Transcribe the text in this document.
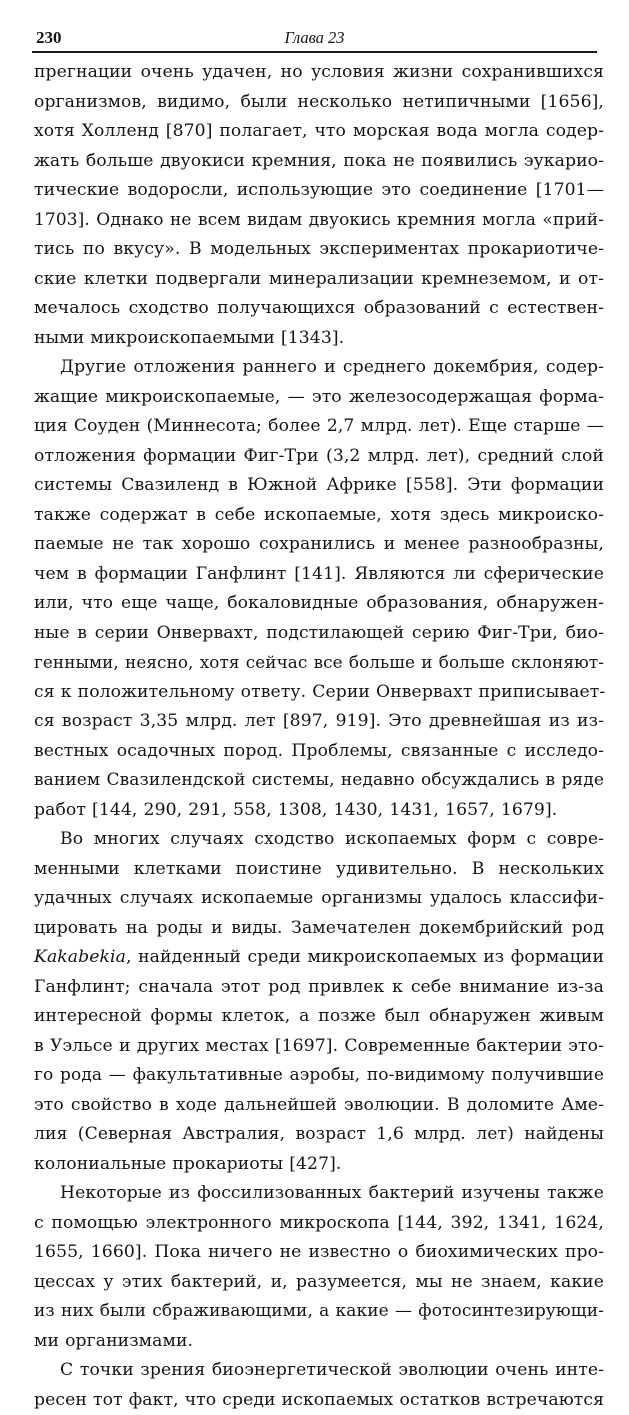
230	Глава 23
прегнации очень удачен, но условия жизни сохранившихся
организмов, видимо, были несколько нетипичными [1656],
хотя Холленд [870] полагает, что морская вода могла содер-
жать больше двуокиси кремния, пока не появились эукарио-
тические водоросли, использующие это соединение [1701—
1703]. Однако не всем видам двуокись кремния могла «прий-
тись по вкусу». В модельных экспериментах прокариотиче-
ские клетки подвергали минерализации кремнеземом, и от-
мечалось сходство получающихся образований с естествен-
ными микроископаемыми [1343].
Другие отложения раннего и среднего докембрия, содер-
жащие микроископаемые, — это железосодержащая форма-
ция Соуден (Миннесота; более 2,7 млрд. лет). Еще старше —
отложения формации Фиг-Три (3,2 млрд. лет), средний слой
системы Свазиленд в Южной Африке [558]. Эти формации
также содержат в себе ископаемые, хотя здесь микроиско-
паемые не так хорошо сохранились и менее разнообразны,
чем в формации Ганфлинт [141]. Являются ли сферические
или, что еще чаще, бокаловидные образования, обнаружен-
ные в серии Онвервахт, подстилающей серию Фиг-Три, био-
генными, неясно, хотя сейчас все больше и больше склоняют-
ся к положительному ответу. Серии Онвервахт приписывает-
ся возраст 3,35 млрд. лет [897, 919]. Это древнейшая из из-
вестных осадочных пород. Проблемы, связанные с исследо-
ванием Свазилендской системы, недавно обсуждались в ряде
работ [144, 290, 291, 558, 1308, 1430, 1431, 1657, 1679].
Во многих случаях сходство ископаемых форм с совре-
менными клетками поистине удивительно. В нескольких
удачных случаях ископаемые организмы удалось классифи-
цировать на роды и виды. Замечателен докембрийский род
Kakabekia, найденный среди микроископаемых из формации
Ганфлинт; сначала этот род привлек к себе внимание из-за
интересной формы клеток, а позже был обнаружен живым
в Уэльсе и других местах [1697]. Современные бактерии это-
го рода — факультативные аэробы, по-видимому получившие
это свойство в ходе дальнейшей эволюции. В доломите Аме-
лия (Северная Австралия, возраст 1,6 млрд. лет) найдены
колониальные прокариоты [427].
Некоторые из фоссилизованных бактерий изучены также
с помощью электронного микроскопа [144, 392, 1341, 1624,
1655, 1660]. Пока ничего не известно о биохимических про-
цессах у этих бактерий, и, разумеется, мы не знаем, какие
из них были сбраживающими, а какие — фотосинтезирующи-
ми организмами.
С точки зрения биоэнергетической эволюции очень инте-
ресен тот факт, что среди ископаемых остатков встречаются
